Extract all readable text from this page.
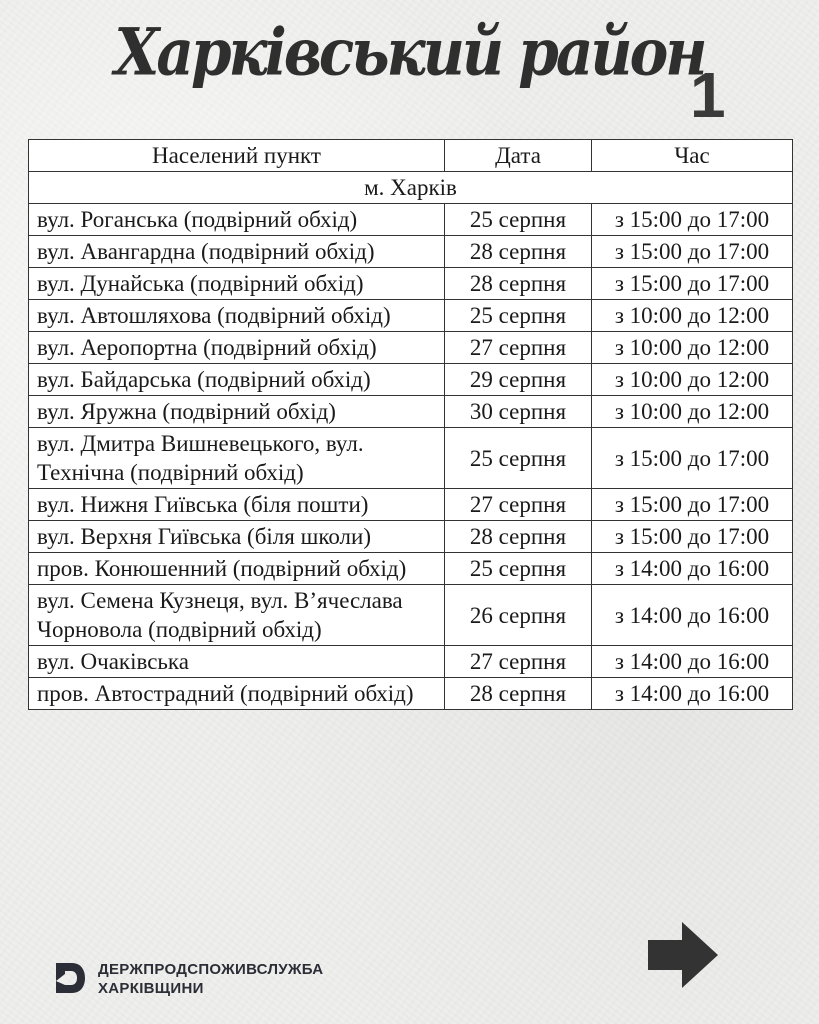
Харківський район
1
Населений пункт	Дата	Час
м. Харків		
вул. Роганська (подвірний обхід)	25 серпня	з 15:00 до 17:00
вул. Авангардна (подвірний обхід)	28 серпня	з 15:00 до 17:00
вул. Дунайська (подвірний обхід)	28 серпня	з 15:00 до 17:00
вул. Автошляхова (подвірний обхід)	25 серпня	з 10:00 до 12:00
вул. Аеропортна (подвірний обхід)	27 серпня	з 10:00 до 12:00
вул. Байдарська (подвірний обхід)	29 серпня	з 10:00 до 12:00
вул. Яружна (подвірний обхід)	30 серпня	з 10:00 до 12:00
вул. Дмитра Вишневецького, вул. Технічна (подвірний обхід)	25 серпня	з 15:00 до 17:00
вул. Нижня Гиївська (біля пошти)	27 серпня	з 15:00 до 17:00
вул. Верхня Гиївська (біля школи)	28 серпня	з 15:00 до 17:00
пров. Конюшенний (подвірний обхід)	25 серпня	з 14:00 до 16:00
вул. Семена Кузнеця, вул. В’ячеслава Чорновола (подвірний обхід)	26 серпня	з 14:00 до 16:00
вул. Очаківська	27 серпня	з 14:00 до 16:00
пров. Автострадний (подвірний обхід)	28 серпня	з 14:00 до 16:00
ДЕРЖПРОДСПОЖИВСЛУЖБА
ХАРКІВЩИНИ
